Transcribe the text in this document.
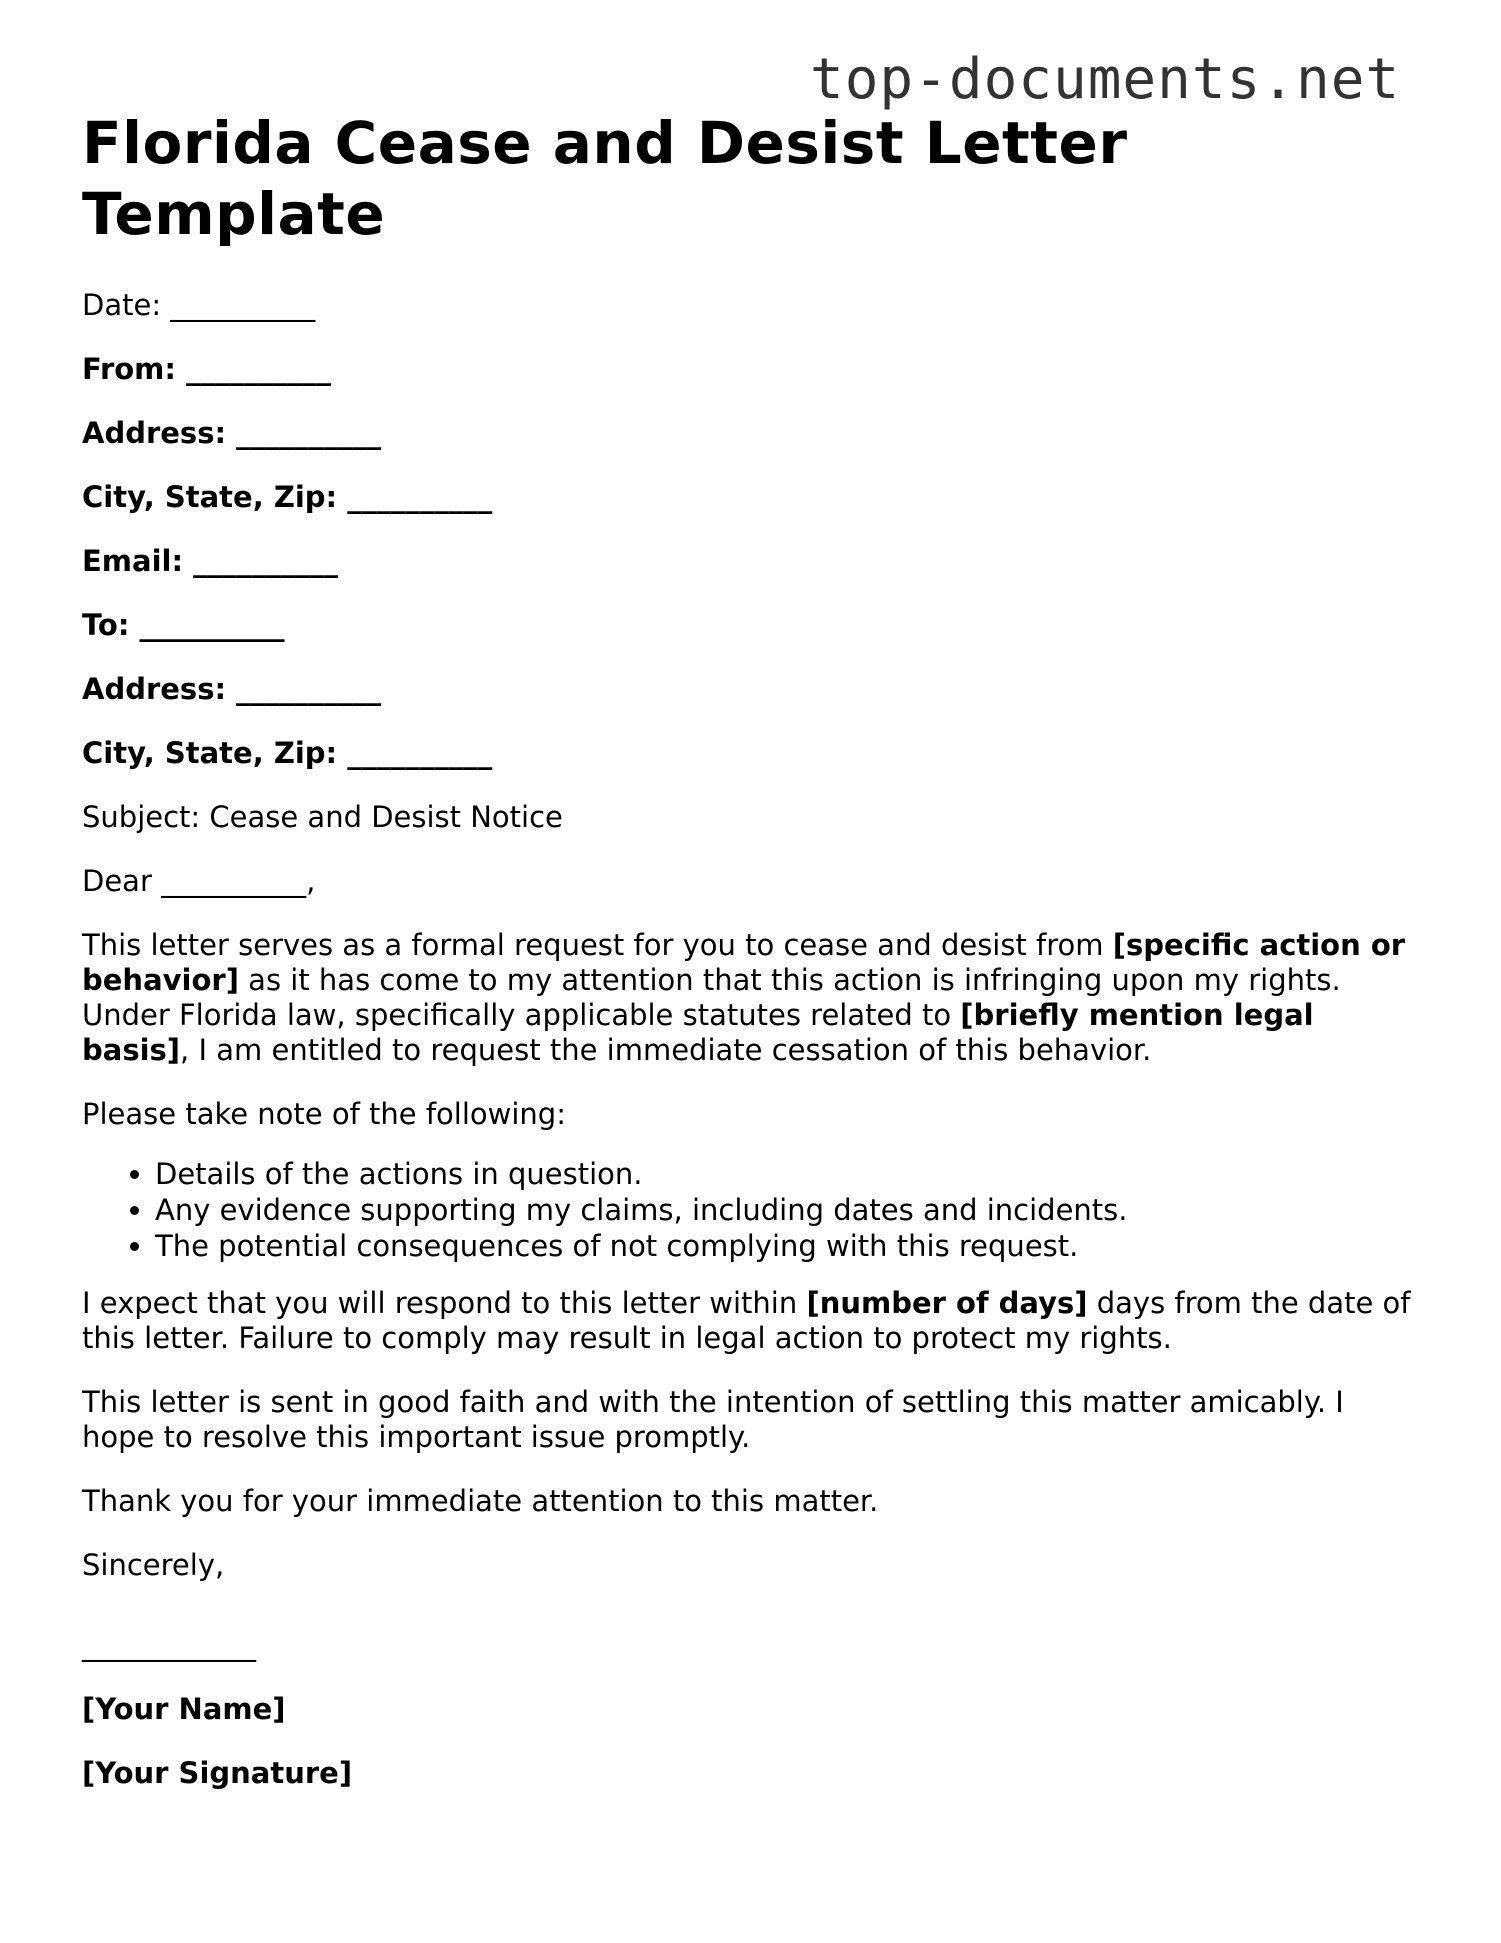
top-documents.net
Florida Cease and Desist Letter Template
Date: __________
From: __________
Address: __________
City, State, Zip: __________
Email: __________
To: __________
Address: __________
City, State, Zip: __________

Subject: Cease and Desist Notice

Dear __________,

This letter serves as a formal request for you to cease and desist from [specific action or behavior] as it has come to my attention that this action is infringing upon my rights. Under Florida law, specifically applicable statutes related to [briefly mention legal basis], I am entitled to request the immediate cessation of this behavior.

Please take note of the following:

• Details of the actions in question.
• Any evidence supporting my claims, including dates and incidents.
• The potential consequences of not complying with this request.

I expect that you will respond to this letter within [number of days] days from the date of this letter. Failure to comply may result in legal action to protect my rights.

This letter is sent in good faith and with the intention of settling this matter amicably. I hope to resolve this important issue promptly.

Thank you for your immediate attention to this matter.

Sincerely,

____________
[Your Name]
[Your Signature]
